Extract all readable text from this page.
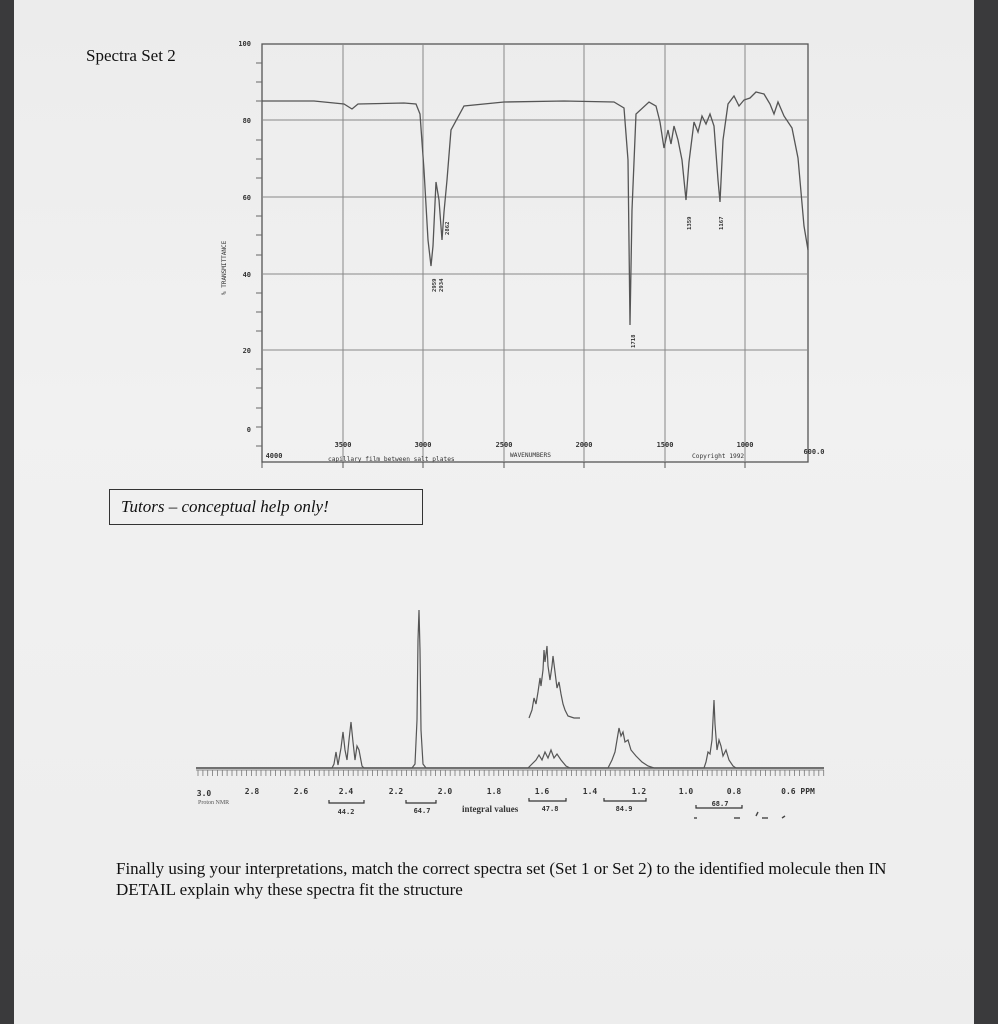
Spectra Set 2
100
80
60
40
20
0
% TRANSMITTANCE
4000
3500	3000	2500	2000	1500	1000
600.0
capillary film between salt plates
WAVENUMBERS	Copyright 1992
2959 2934
2862
1718
1359	1167
Tutors – conceptual help only!
3.0	2.8	2.6	2.4	2.2	2.0	1.8	1.6	1.4	1.2	1.0	0.8	0.6 PPM
Proton NMR
integral values
44.2	64.7	47.8	84.9
68.7
Finally using your interpretations, match the correct spectra set (Set 1 or Set 2) to the identified molecule then IN DETAIL explain why these spectra fit the structure
